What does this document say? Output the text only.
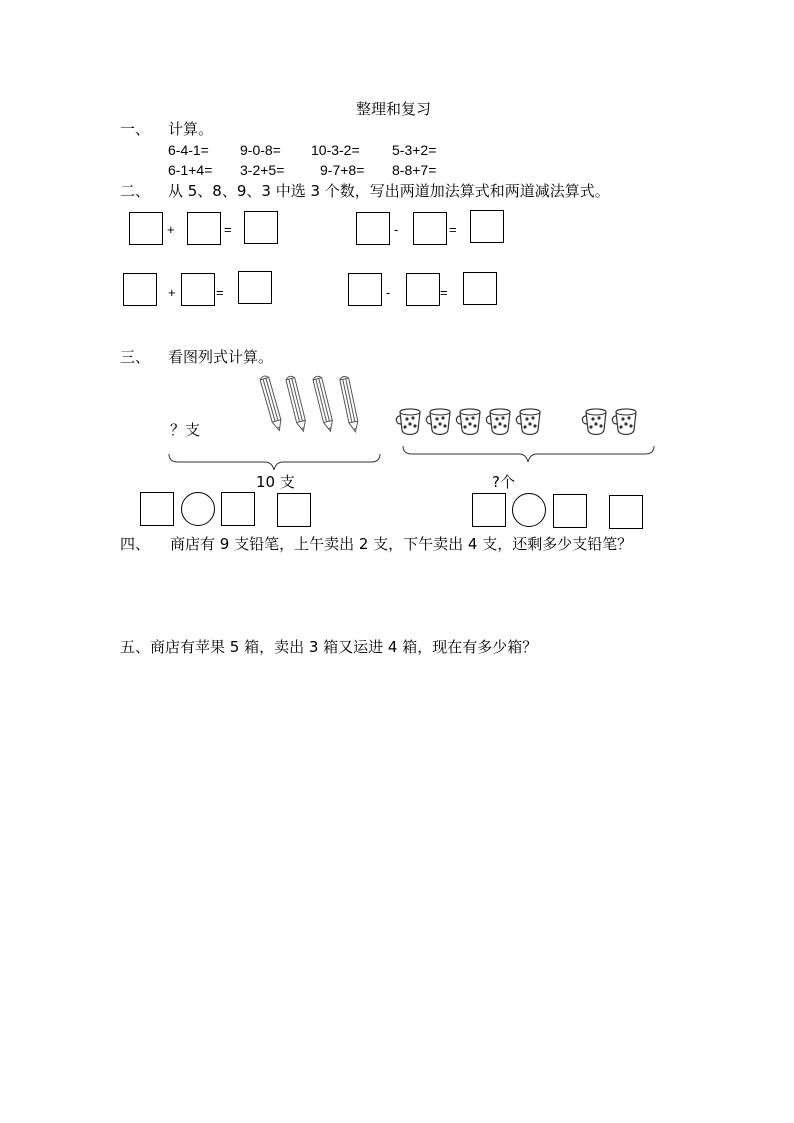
整理和复习
一、 计算。
6-4-1= 9-0-8= 10-3-2= 5-3+2=
6-1+4= 3-2+5=	9-7+8= 8-8+7=
二、 从 5、8、9、3 中选 3 个数，写出两道加法算式和两道减法算式。
+	=	-	=
+	=	-	=
三、 看图列式计算。
？支
10 支	?个
四、 商店有 9 支铅笔，上午卖出 2 支，下午卖出 4 支，还剩多少支铅笔？
五、商店有苹果 5 箱，卖出 3 箱又运进 4 箱，现在有多少箱？
